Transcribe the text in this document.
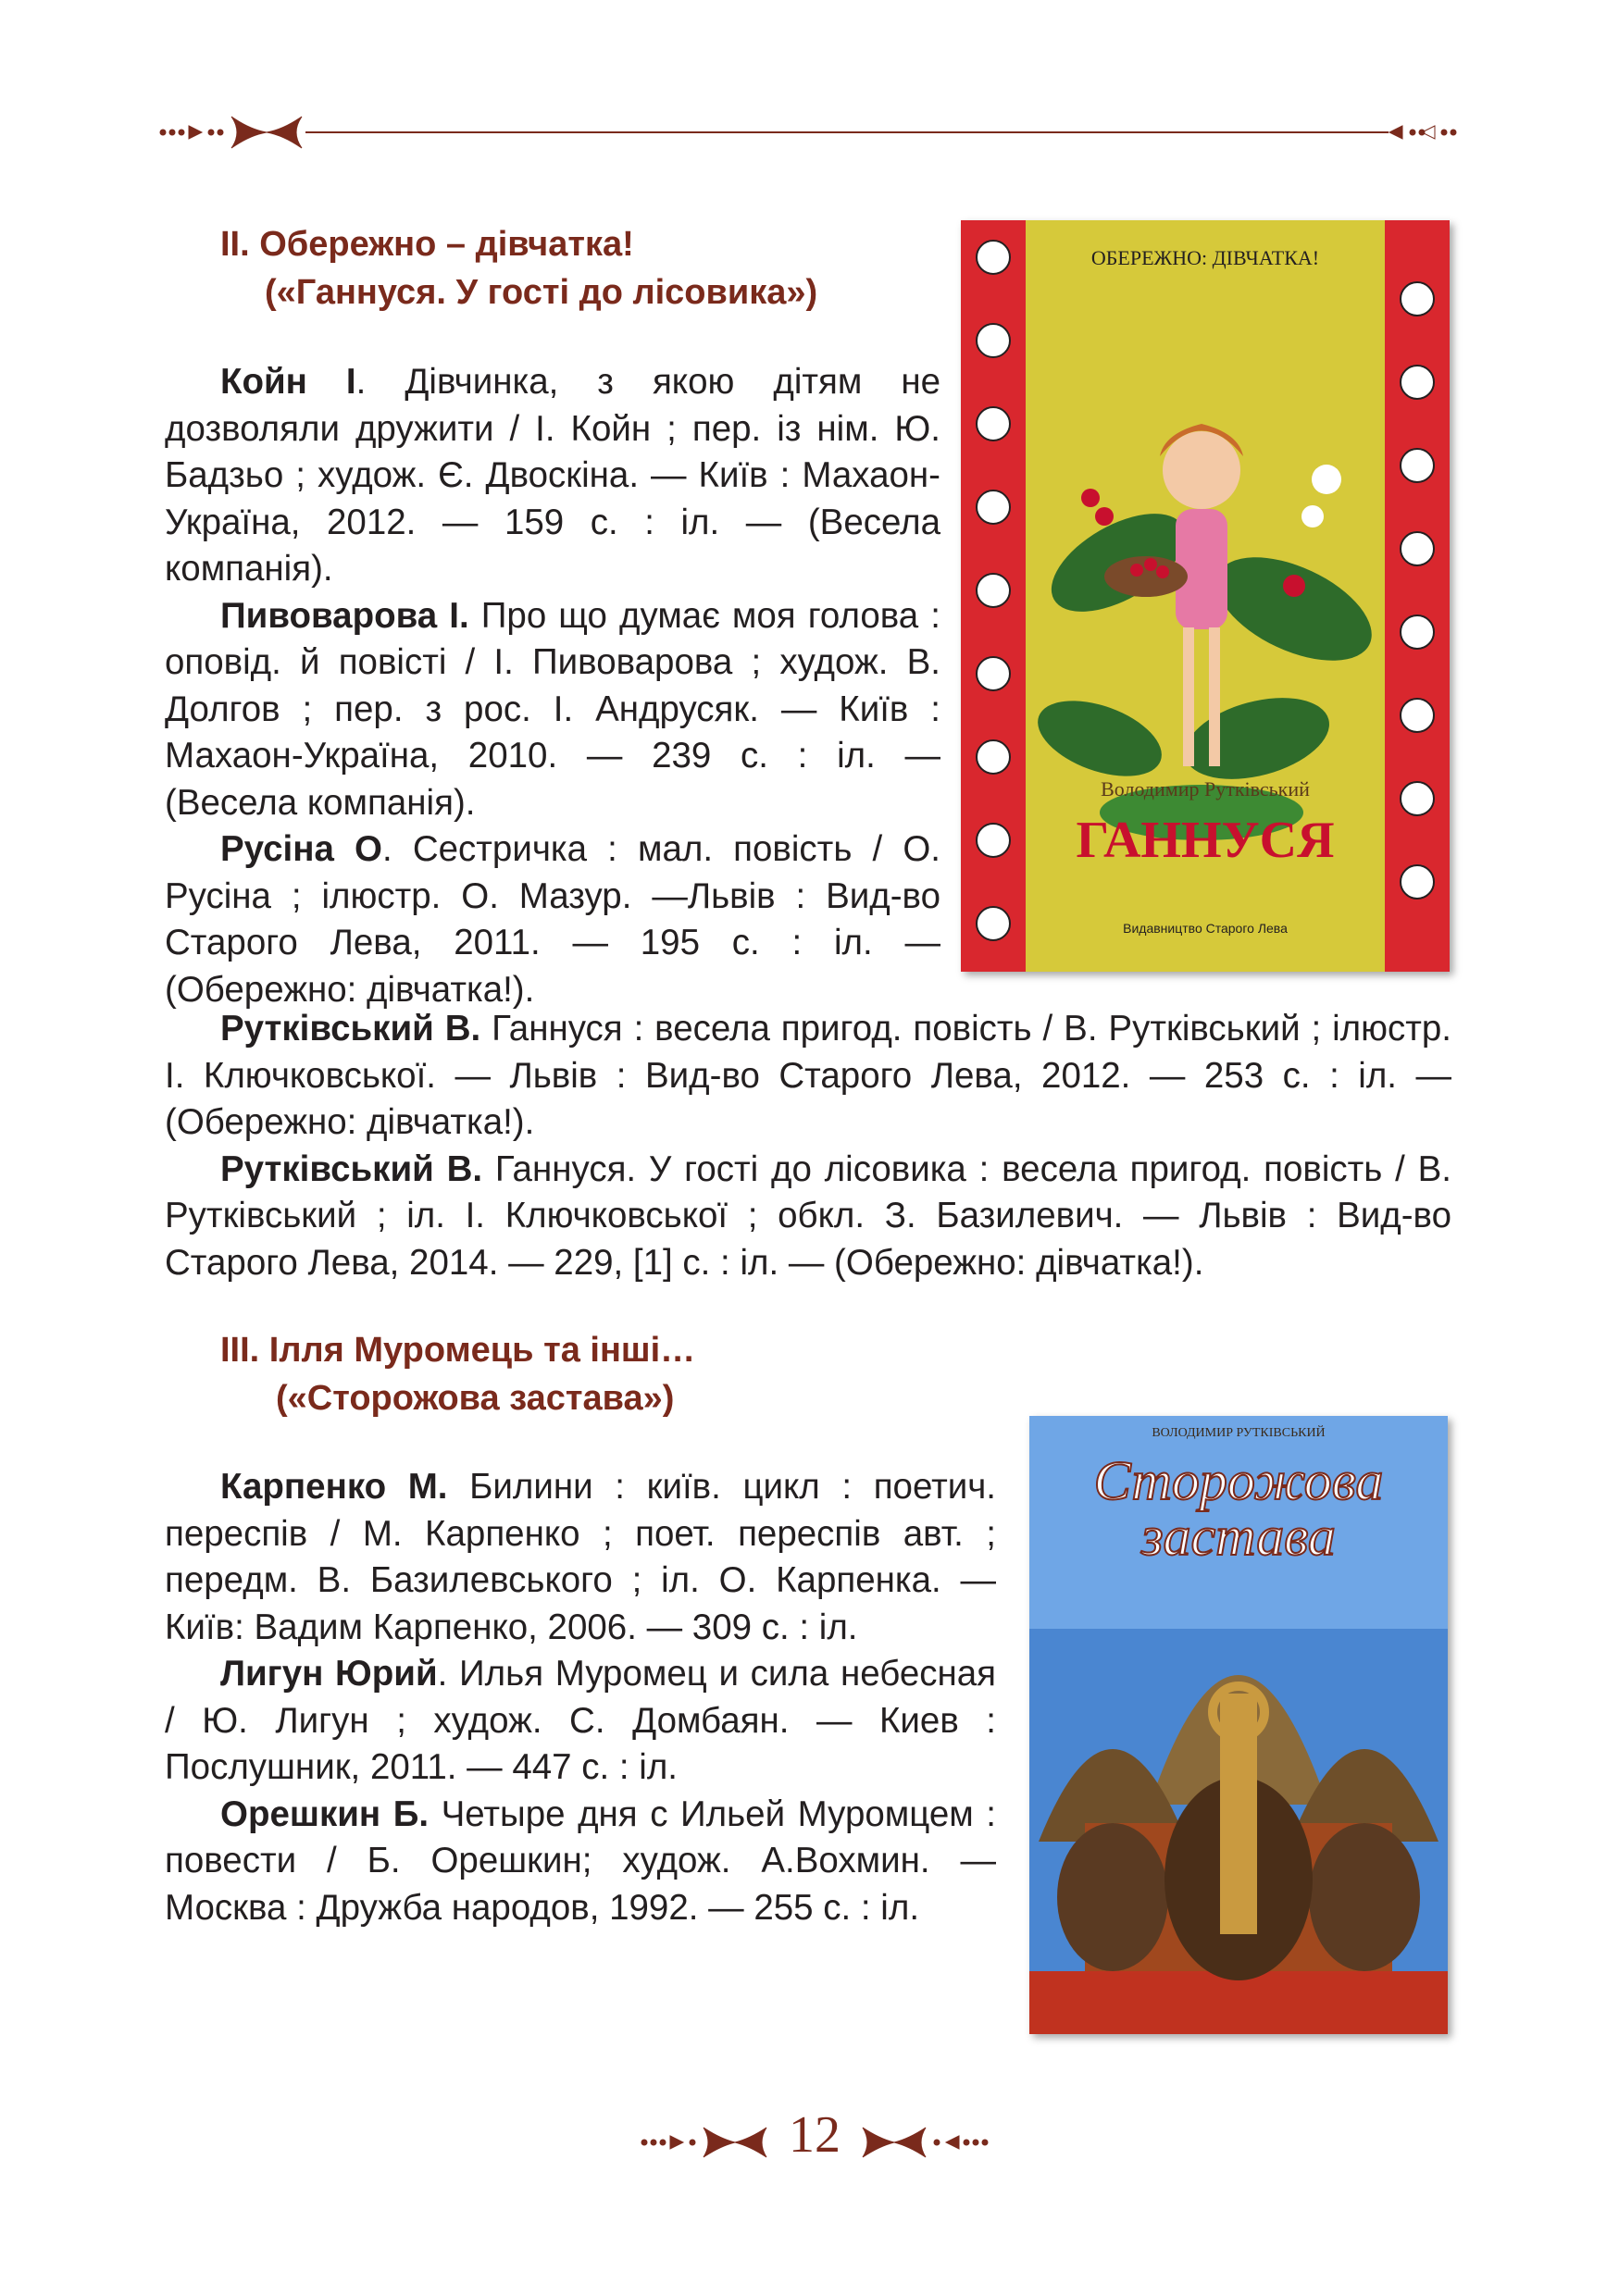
ІІ. Обережно – дівчатка!
(«Ганнуся. У гості до лісовика»)

Койн І. Дівчинка, з якою дітям не дозволяли дружити / І. Койн ; пер. із нім. Ю. Бадзьо ; худож. Є. Двоскіна. — Київ : Махаон-Україна, 2012. — 159 с. : іл. — (Весела компанія).

Пивоварова І. Про що думає моя голова : оповід. й повісті / І. Пивоварова ; худож. В. Долгов ; пер. з рос. І. Андрусяк. — Київ : Махаон-Україна, 2010. — 239 с. : іл. — (Весела компанія).

Русіна О. Сестричка : мал. повість / О. Русіна ; ілюстр. О. Мазур. —Львів : Вид-во Старого Лева, 2011. — 195 с. : іл. — (Обережно: дівчатка!).

Рутківський В. Ганнуся : весела пригод. повість / В. Рутківський ; ілюстр. І. Ключковської. — Львів : Вид-во Старого Лева, 2012. — 253 с. : іл. — (Обережно: дівчатка!).

Рутківський В. Ганнуся. У гості до лісовика : весела пригод. повість / В. Рутківський ; іл. І. Ключковської ; обкл. З. Базилевич. — Львів : Вид-во Старого Лева, 2014. — 229, [1] с. : іл. — (Обережно: дівчатка!).

ОБЕРЕЖНО: ДІВЧАТКА!
Володимир Рутківський
ГАННУСЯ
Видавництво Старого Лева
ІІІ. Ілля Муромець та інші…
(«Сторожова застава»)

Карпенко М. Билини : київ. цикл : поетич. переспів / М. Карпенко ; поет. переспів авт. ; передм. В. Базилевського ; іл. О. Карпенка. — Київ: Вадим Карпенко, 2006. — 309 с. : іл.

Лигун Юрий. Илья Муромец и сила небесная / Ю. Лигун ; худож. С. Домбаян. — Киев : Послушник, 2011. — 447 с. : іл.

Орешкин Б. Четыре дня с Ильей Муромцем : повести / Б. Орешкин; худож. А.Вохмин. — Москва : Дружба народов, 1992. — 255 с. : іл.

ВОЛОДИМИР РУТКІВСЬКИЙ
Сторожова
застава
12
